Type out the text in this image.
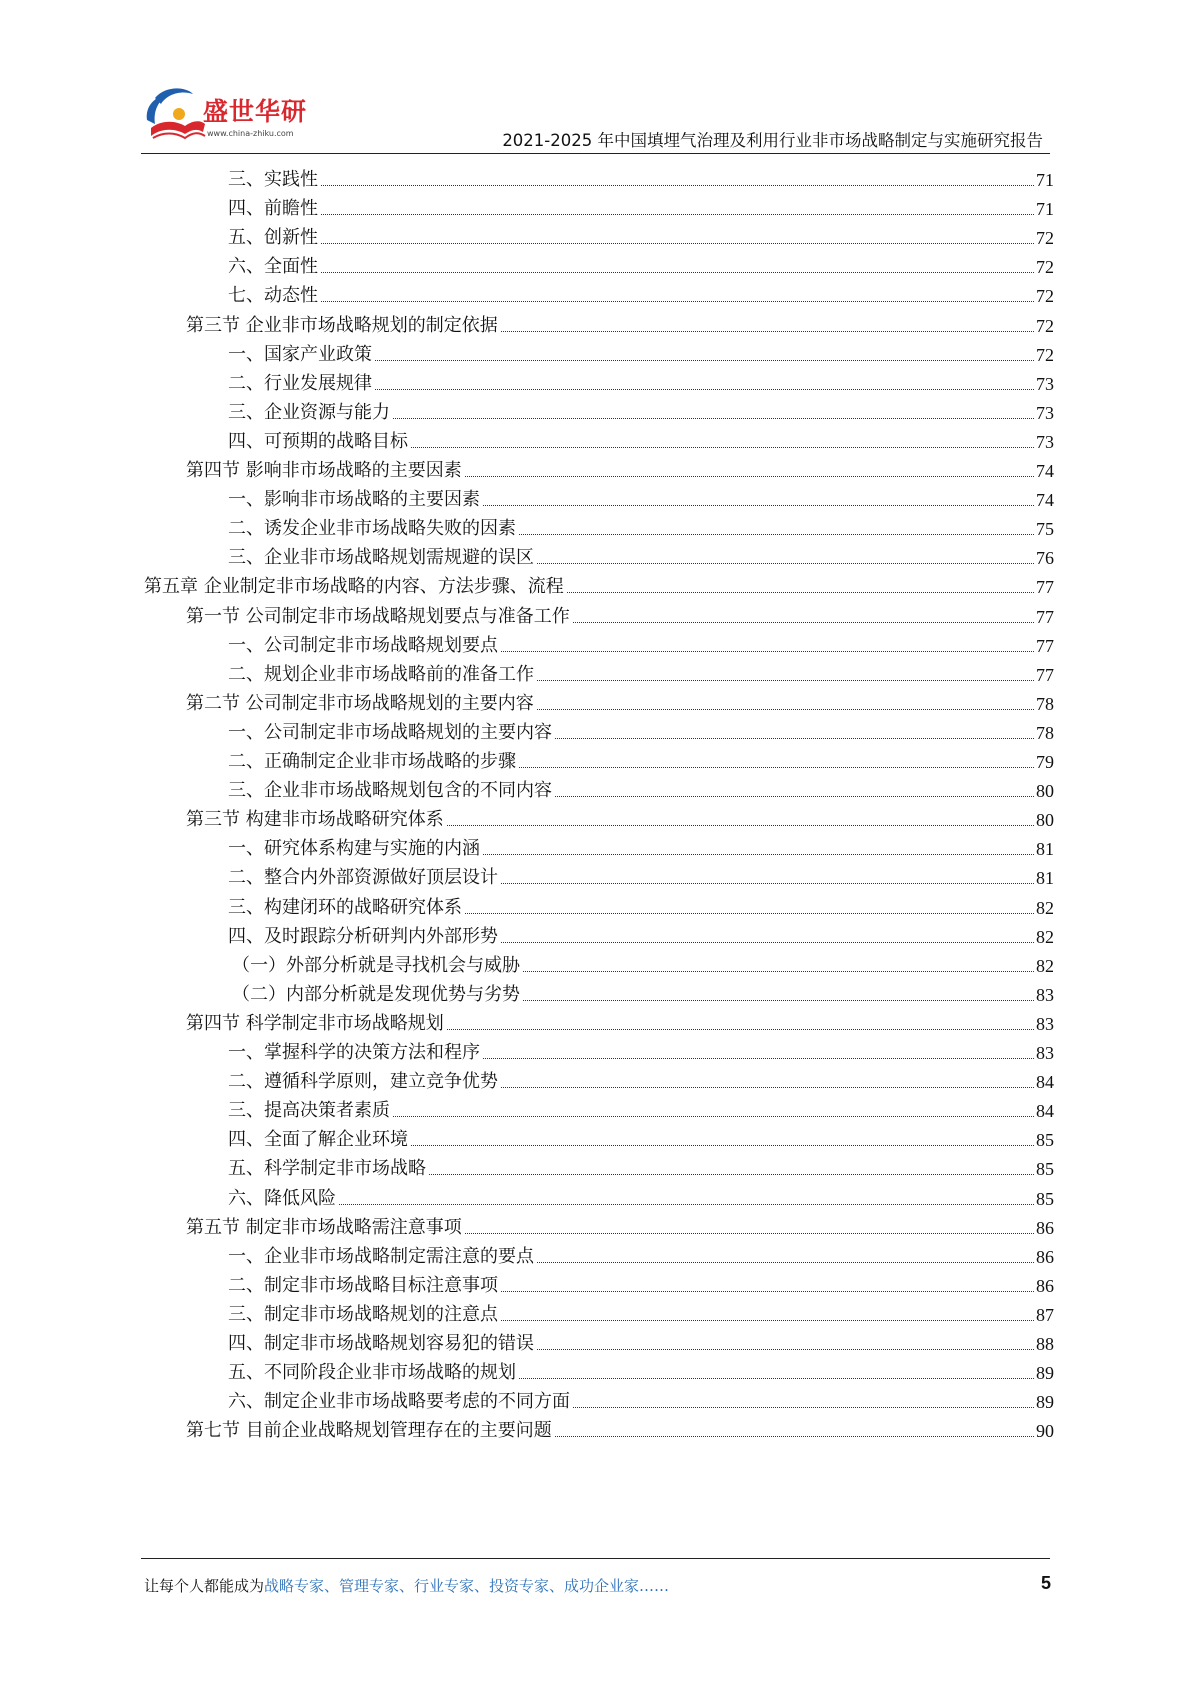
盛世华研
www.china-zhiku.com	2021-2025 年中国填埋气治理及利用行业非市场战略制定与实施研究报告
三、实践性	71
四、前瞻性	71
五、创新性	72
六、全面性	72
七、动态性	72
第三节 企业非市场战略规划的制定依据	72
一、国家产业政策	72
二、行业发展规律	73
三、企业资源与能力	73
四、可预期的战略目标	73
第四节 影响非市场战略的主要因素	74
一、影响非市场战略的主要因素	74
二、诱发企业非市场战略失败的因素	75
三、企业非市场战略规划需规避的误区	76
第五章 企业制定非市场战略的内容、方法步骤、流程	77
第一节 公司制定非市场战略规划要点与准备工作	77
一、公司制定非市场战略规划要点	77
二、规划企业非市场战略前的准备工作	77
第二节 公司制定非市场战略规划的主要内容	78
一、公司制定非市场战略规划的主要内容	78
二、正确制定企业非市场战略的步骤	79
三、企业非市场战略规划包含的不同内容	80
第三节 构建非市场战略研究体系	80
一、研究体系构建与实施的内涵	81
二、整合内外部资源做好顶层设计	81
三、构建闭环的战略研究体系	82
四、及时跟踪分析研判内外部形势	82
（一）外部分析就是寻找机会与威胁	82
（二）内部分析就是发现优势与劣势	83
第四节 科学制定非市场战略规划	83
一、掌握科学的决策方法和程序	83
二、遵循科学原则，建立竞争优势	84
三、提高决策者素质	84
四、全面了解企业环境	85
五、科学制定非市场战略	85
六、降低风险	85
第五节 制定非市场战略需注意事项	86
一、企业非市场战略制定需注意的要点	86
二、制定非市场战略目标注意事项	86
三、制定非市场战略规划的注意点	87
四、制定非市场战略规划容易犯的错误	88
五、不同阶段企业非市场战略的规划	89
六、制定企业非市场战略要考虑的不同方面	89
第七节 目前企业战略规划管理存在的主要问题	90
让每个人都能成为战略专家、管理专家、行业专家、投资专家、成功企业家……	5
